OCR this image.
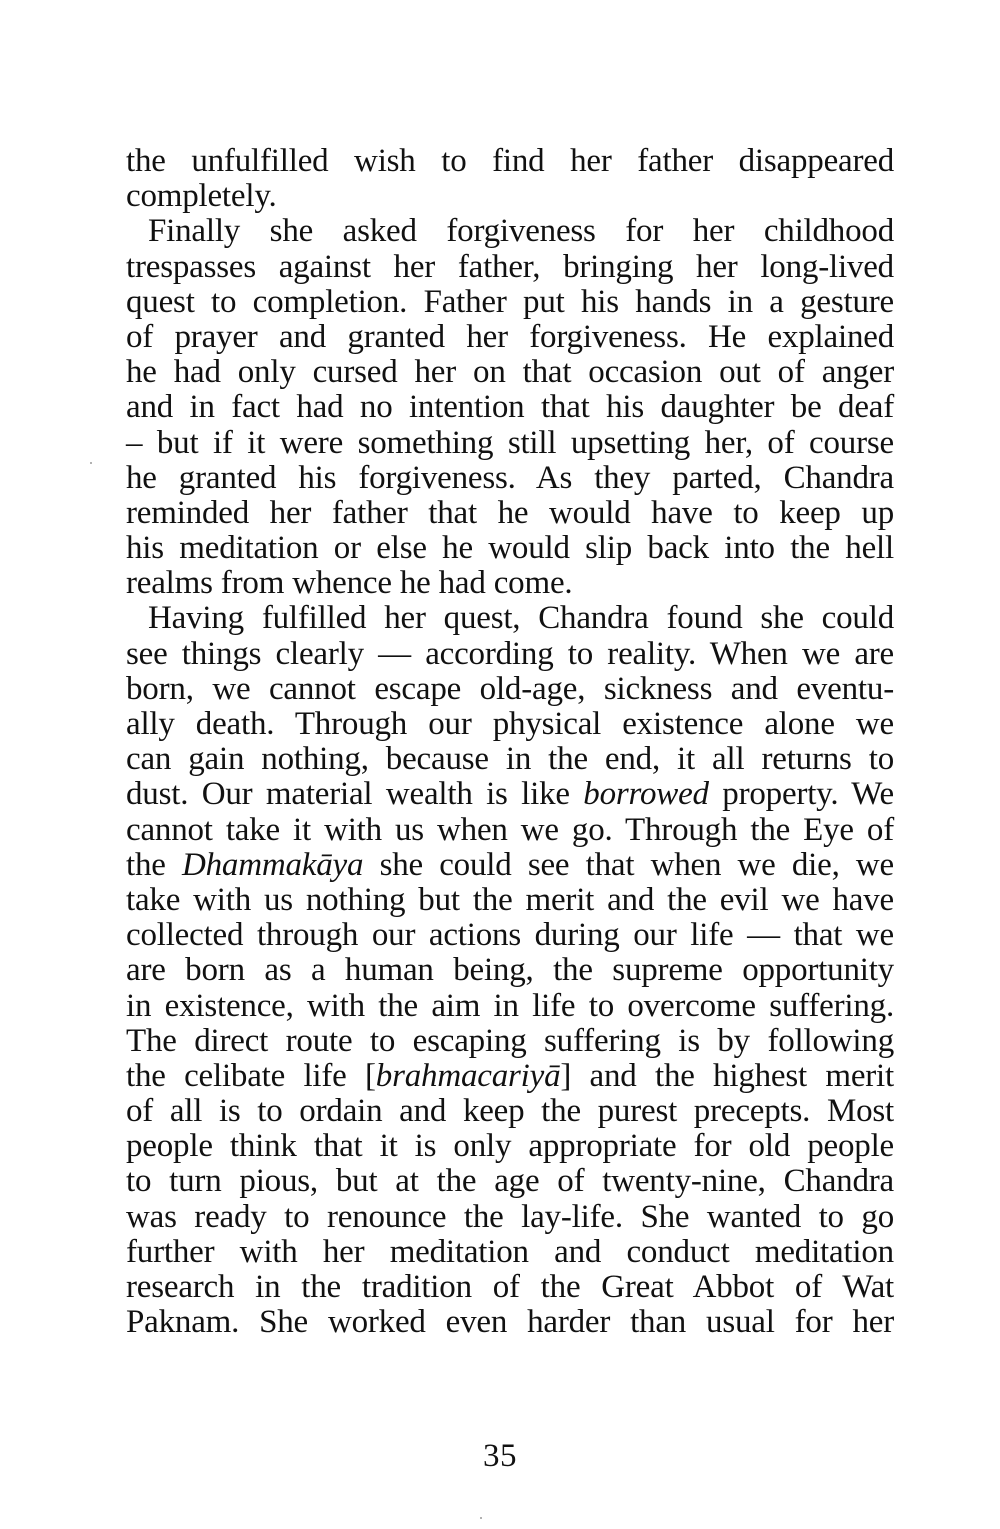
the unfulfilled wish to find her father disappeared
completely.
Finally she asked forgiveness for her childhood
trespasses against her father, bringing her long-lived
quest to completion. Father put his hands in a gesture
of prayer and granted her forgiveness. He explained
he had only cursed her on that occasion out of anger
and in fact had no intention that his daughter be deaf
– but if it were something still upsetting her, of course
he granted his forgiveness. As they parted, Chandra
reminded her father that he would have to keep up
his meditation or else he would slip back into the hell
realms from whence he had come.
Having fulfilled her quest, Chandra found she could
see things clearly — according to reality. When we are
born, we cannot escape old-age, sickness and eventu-
ally death. Through our physical existence alone we
can gain nothing, because in the end, it all returns to
dust. Our material wealth is like borrowed property. We
cannot take it with us when we go. Through the Eye of
the Dhammakāya she could see that when we die, we
take with us nothing but the merit and the evil we have
collected through our actions during our life — that we
are born as a human being, the supreme opportunity
in existence, with the aim in life to overcome suffering.
The direct route to escaping suffering is by following
the celibate life [brahmacariyā] and the highest merit
of all is to ordain and keep the purest precepts. Most
people think that it is only appropriate for old people
to turn pious, but at the age of twenty-nine, Chandra
was ready to renounce the lay-life. She wanted to go
further with her meditation and conduct meditation
research in the tradition of the Great Abbot of Wat
Paknam. She worked even harder than usual for her
35
